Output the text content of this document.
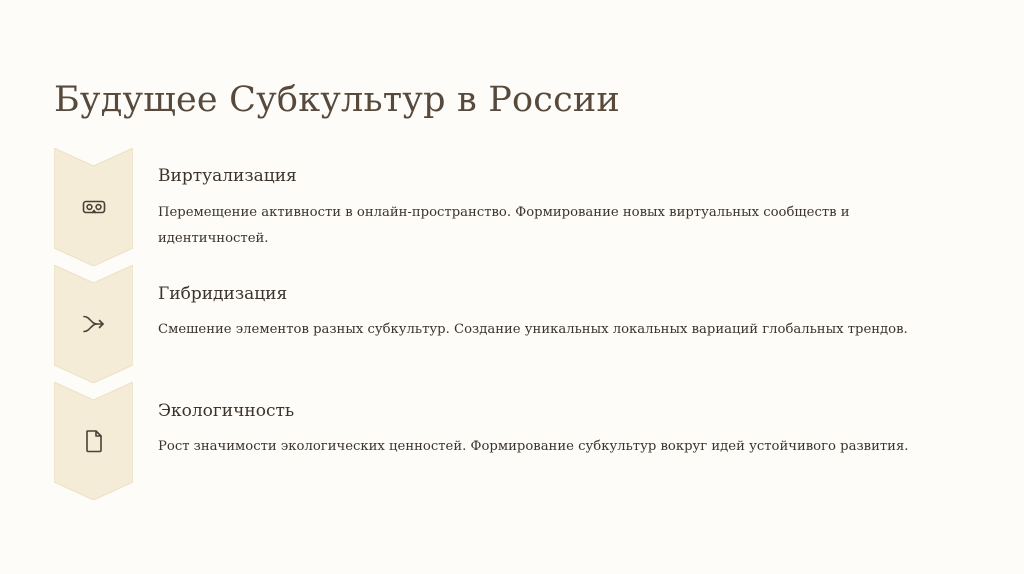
Будущее Субкультур в России
Виртуализация
Перемещение активности в онлайн-пространство. Формирование новых виртуальных сообществ и идентичностей.
Гибридизация
Смешение элементов разных субкультур. Создание уникальных локальных вариаций глобальных трендов.
Экологичность
Рост значимости экологических ценностей. Формирование субкультур вокруг идей устойчивого развития.
